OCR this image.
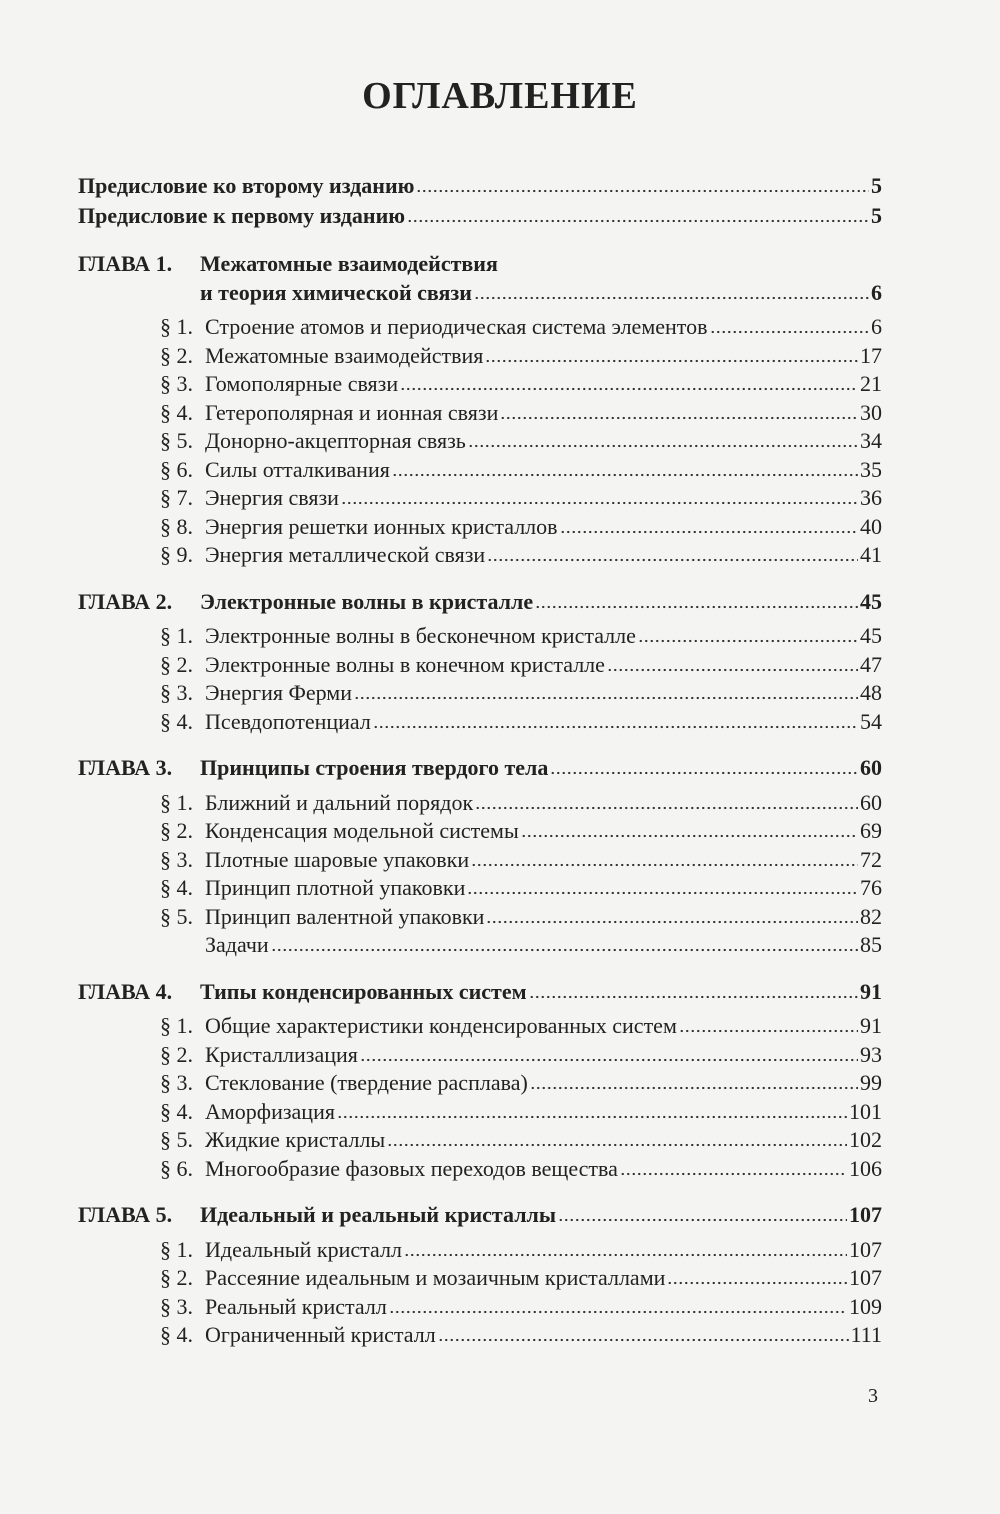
ОГЛАВЛЕНИЕ
Предисловие ко второму изданию	5
Предисловие к первому изданию	5
ГЛАВА 1.	Межатомные взаимодействия
и теория химической связи	6
§ 1. Строение атомов и периодическая система элементов	6
§ 2. Межатомные взаимодействия	17
§ 3. Гомополярные связи	21
§ 4. Гетерополярная и ионная связи	30
§ 5. Донорно-акцепторная связь	34
§ 6. Силы отталкивания	35
§ 7. Энергия связи	36
§ 8. Энергия решетки ионных кристаллов	40
§ 9. Энергия металлической связи	41
ГЛАВА 2.	Электронные волны в кристалле	45
§ 1. Электронные волны в бесконечном кристалле	45
§ 2. Электронные волны в конечном кристалле	47
§ 3. Энергия Ферми	48
§ 4. Псевдопотенциал	54
ГЛАВА 3.	Принципы строения твердого тела	60
§ 1. Ближний и дальний порядок	60
§ 2. Конденсация модельной системы	69
§ 3. Плотные шаровые упаковки	72
§ 4. Принцип плотной упаковки	76
§ 5. Принцип валентной упаковки	82
Задачи	85
ГЛАВА 4.	Типы конденсированных систем	91
§ 1. Общие характеристики конденсированных систем	91
§ 2. Кристаллизация	93
§ 3. Стеклование (твердение расплава)	99
§ 4. Аморфизация	101
§ 5. Жидкие кристаллы	102
§ 6. Многообразие фазовых переходов вещества	106
ГЛАВА 5.	Идеальный и реальный кристаллы	107
§ 1. Идеальный кристалл	107
§ 2. Рассеяние идеальным и мозаичным кристаллами	107
§ 3. Реальный кристалл	109
§ 4. Ограниченный кристалл	111
3
